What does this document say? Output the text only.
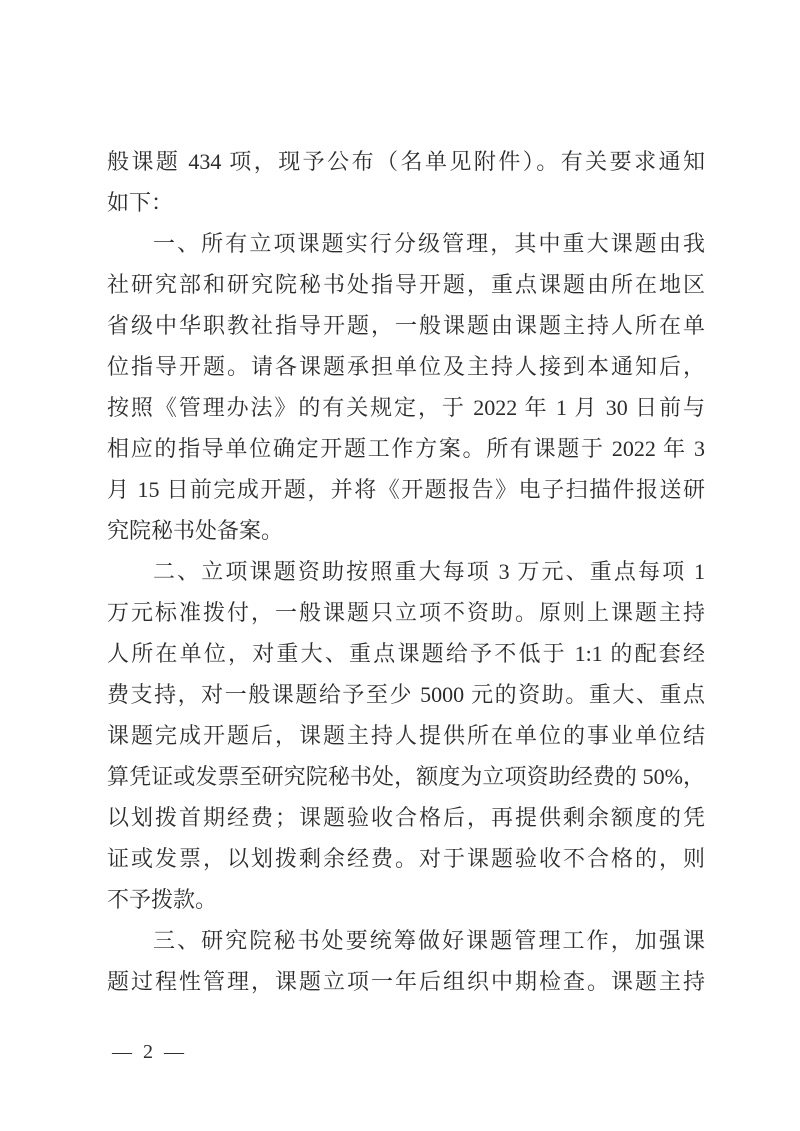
般课题 434 项，现予公布（名单见附件）。有关要求通知
如下：
一、所有立项课题实行分级管理，其中重大课题由我
社研究部和研究院秘书处指导开题，重点课题由所在地区
省级中华职教社指导开题，一般课题由课题主持人所在单
位指导开题。请各课题承担单位及主持人接到本通知后，
按照《管理办法》的有关规定，于 2022 年 1 月 30 日前与
相应的指导单位确定开题工作方案。所有课题于 2022 年 3
月 15 日前完成开题，并将《开题报告》电子扫描件报送研
究院秘书处备案。
二、立项课题资助按照重大每项 3 万元、重点每项 1
万元标准拨付，一般课题只立项不资助。原则上课题主持
人所在单位，对重大、重点课题给予不低于 1:1 的配套经
费支持，对一般课题给予至少 5000 元的资助。重大、重点
课题完成开题后，课题主持人提供所在单位的事业单位结
算凭证或发票至研究院秘书处，额度为立项资助经费的 50%，
以划拨首期经费；课题验收合格后，再提供剩余额度的凭
证或发票，以划拨剩余经费。对于课题验收不合格的，则
不予拨款。
三、研究院秘书处要统筹做好课题管理工作，加强课
题过程性管理，课题立项一年后组织中期检查。课题主持
— 2 —
